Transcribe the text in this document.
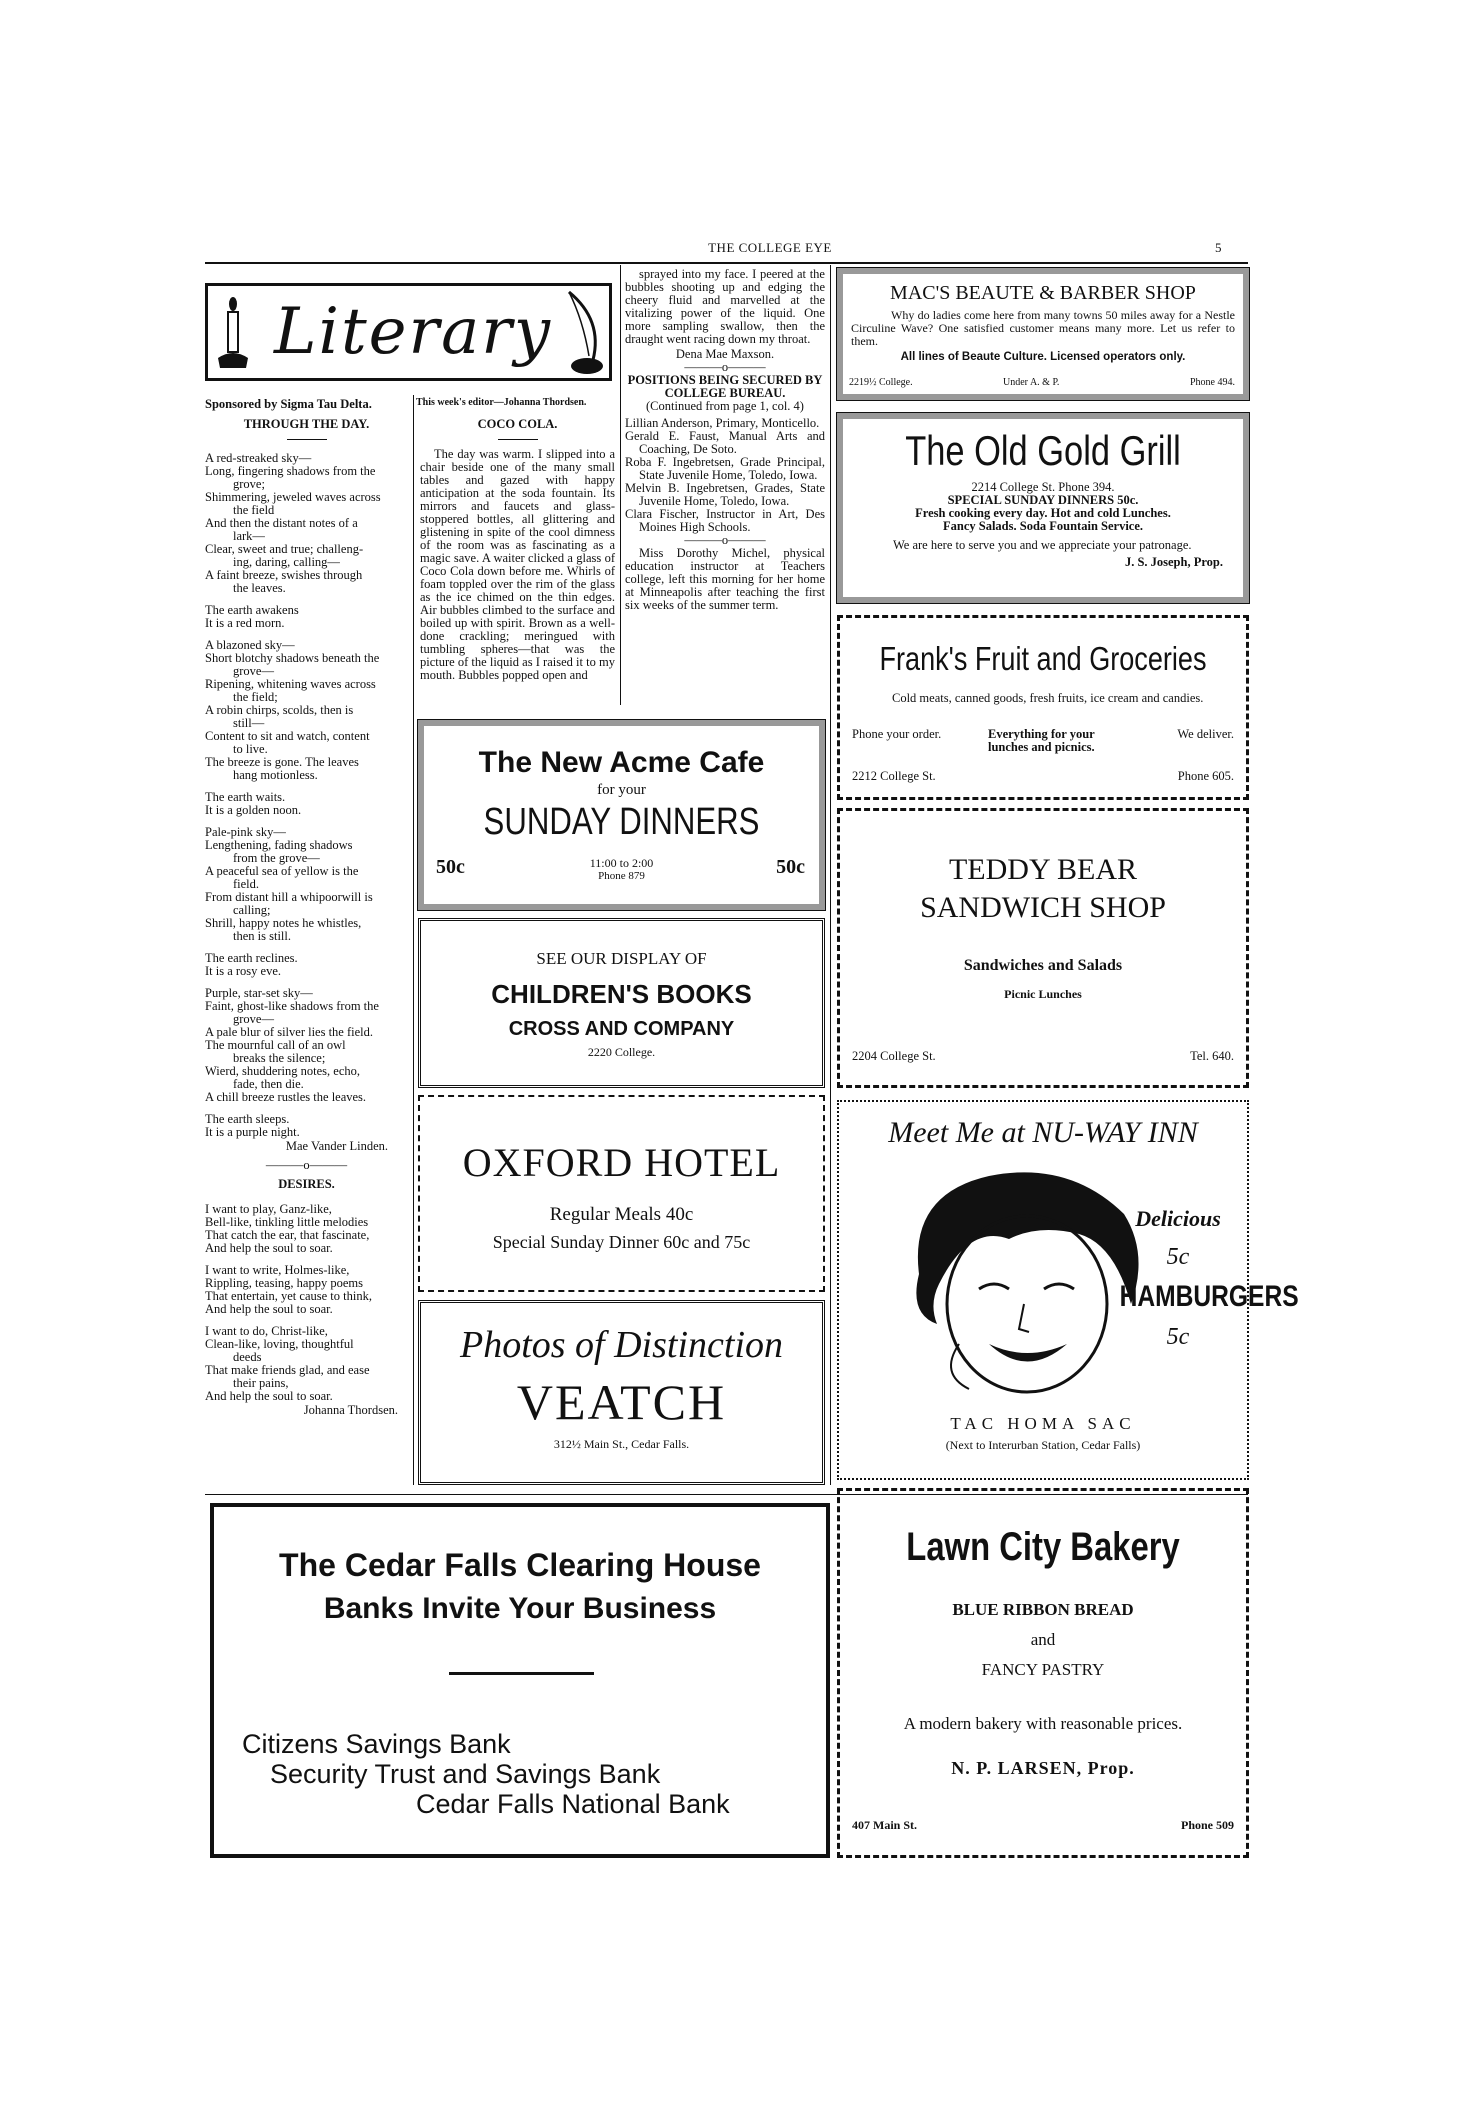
THE COLLEGE EYE	5
Literary
Sponsored by Sigma Tau Delta.	This week's editor—Johanna Thordsen.
THROUGH THE DAY.

A red-streaked sky—
Long, fingering shadows from the
grove;
Shimmering, jeweled waves across
the field
And then the distant notes of a
lark—
Clear, sweet and true; challeng-
ing, daring, calling—
A faint breeze, swishes through
the leaves.

The earth awakens
It is a red morn.

A blazoned sky—
Short blotchy shadows beneath the
grove—
Ripening, whitening waves across
the field;
A robin chirps, scolds, then is
still—
Content to sit and watch, content
to live.
The breeze is gone. The leaves
hang motionless.

The earth waits.
It is a golden noon.

Pale-pink sky—
Lengthening, fading shadows
from the grove—
A peaceful sea of yellow is the
field.
From distant hill a whipoorwill is
calling;
Shrill, happy notes he whistles,
then is still.

The earth reclines.
It is a rosy eve.

Purple, star-set sky—
Faint, ghost-like shadows from the
grove—
A pale blur of silver lies the field.
The mournful call of an owl
breaks the silence;
Wierd, shuddering notes, echo,
fade, then die.
A chill breeze rustles the leaves.

The earth sleeps.
It is a purple night.

Mae Vander Linden.
———o———
DESIRES.

I want to play, Ganz-like,
Bell-like, tinkling little melodies
That catch the ear, that fascinate,
And help the soul to soar.

I want to write, Holmes-like,
Rippling, teasing, happy poems
That entertain, yet cause to think,
And help the soul to soar.

I want to do, Christ-like,
Clean-like, loving, thoughtful
deeds
That make friends glad, and ease
their pains,
And help the soul to soar.

Johanna Thordsen.
COCO COLA.
The day was warm. I slipped into a chair beside one of the many small tables and gazed with happy anticipation at the soda fountain. Its mirrors and faucets and glass-stoppered bottles, all glittering and glistening in spite of the cool dimness of the room was as fascinating as a magic save. A waiter clicked a glass of Coco Cola down before me. Whirls of foam toppled over the rim of the glass as the ice chimed on the thin edges. Air bubbles climbed to the surface and boiled up with spirit. Brown as a well-done crackling; meringued with tumbling spheres—that was the picture of the liquid as I raised it to my mouth. Bubbles popped open and
sprayed into my face. I peered at the bubbles shooting up and edging the cheery fluid and marvelled at the vitalizing power of the liquid. One more sampling swallow, then the draught went racing down my throat.
Dena Mae Maxson.
———o———
POSITIONS BEING SECURED BY COLLEGE BUREAU.
(Continued from page 1, col. 4)
Lillian Anderson, Primary, Monticello.
Gerald E. Faust, Manual Arts and Coaching, De Soto.
Roba F. Ingebretsen, Grade Principal, State Juvenile Home, Toledo, Iowa.
Melvin B. Ingebretsen, Grades, State Juvenile Home, Toledo, Iowa.
Clara Fischer, Instructor in Art, Des Moines High Schools.
———o———
Miss Dorothy Michel, physical education instructor at Teachers college, left this morning for her home at Minneapolis after teaching the first six weeks of the summer term.
MAC'S BEAUTE & BARBER SHOP
Why do ladies come here from many towns 50 miles away for a Nestle Circuline Wave? One satisfied customer means many more. Let us refer to them.
All lines of Beaute Culture. Licensed operators only.
2219½ College.	Under A. & P.	Phone 494.
The Old Gold Grill
2214 College St. Phone 394.
SPECIAL SUNDAY DINNERS 50c.
Fresh cooking every day. Hot and cold Lunches.
Fancy Salads. Soda Fountain Service.
We are here to serve you and we appreciate your patronage.
J. S. Joseph, Prop.
Frank's Fruit and Groceries
Cold meats, canned goods, fresh fruits, ice cream and candies.
Phone your order.	Everything for your lunches and picnics.
We deliver.
2212 College St.	Phone 605.
The New Acme Cafe
for your
SUNDAY DINNERS
50c	11:00 to 2:00
Phone 879	50c
SEE OUR DISPLAY OF
CHILDREN'S BOOKS
CROSS AND COMPANY
2220 College.
TEDDY BEAR
SANDWICH SHOP
Sandwiches and Salads
Picnic Lunches
2204 College St.	Tel. 640.
OXFORD HOTEL
Regular Meals 40c
Special Sunday Dinner 60c and 75c
Photos of Distinction
VEATCH
312½ Main St., Cedar Falls.
Meet Me at NU-WAY INN
Delicious
5c
HAMBURGERS
5c
TAC HOMA SAC
(Next to Interurban Station, Cedar Falls)
The Cedar Falls Clearing House
Banks Invite Your Business
Citizens Savings Bank
Security Trust and Savings Bank
Cedar Falls National Bank
Lawn City Bakery
BLUE RIBBON BREAD
and
FANCY PASTRY
A modern bakery with reasonable prices.
N. P. LARSEN, Prop.
407 Main St.	Phone 509
